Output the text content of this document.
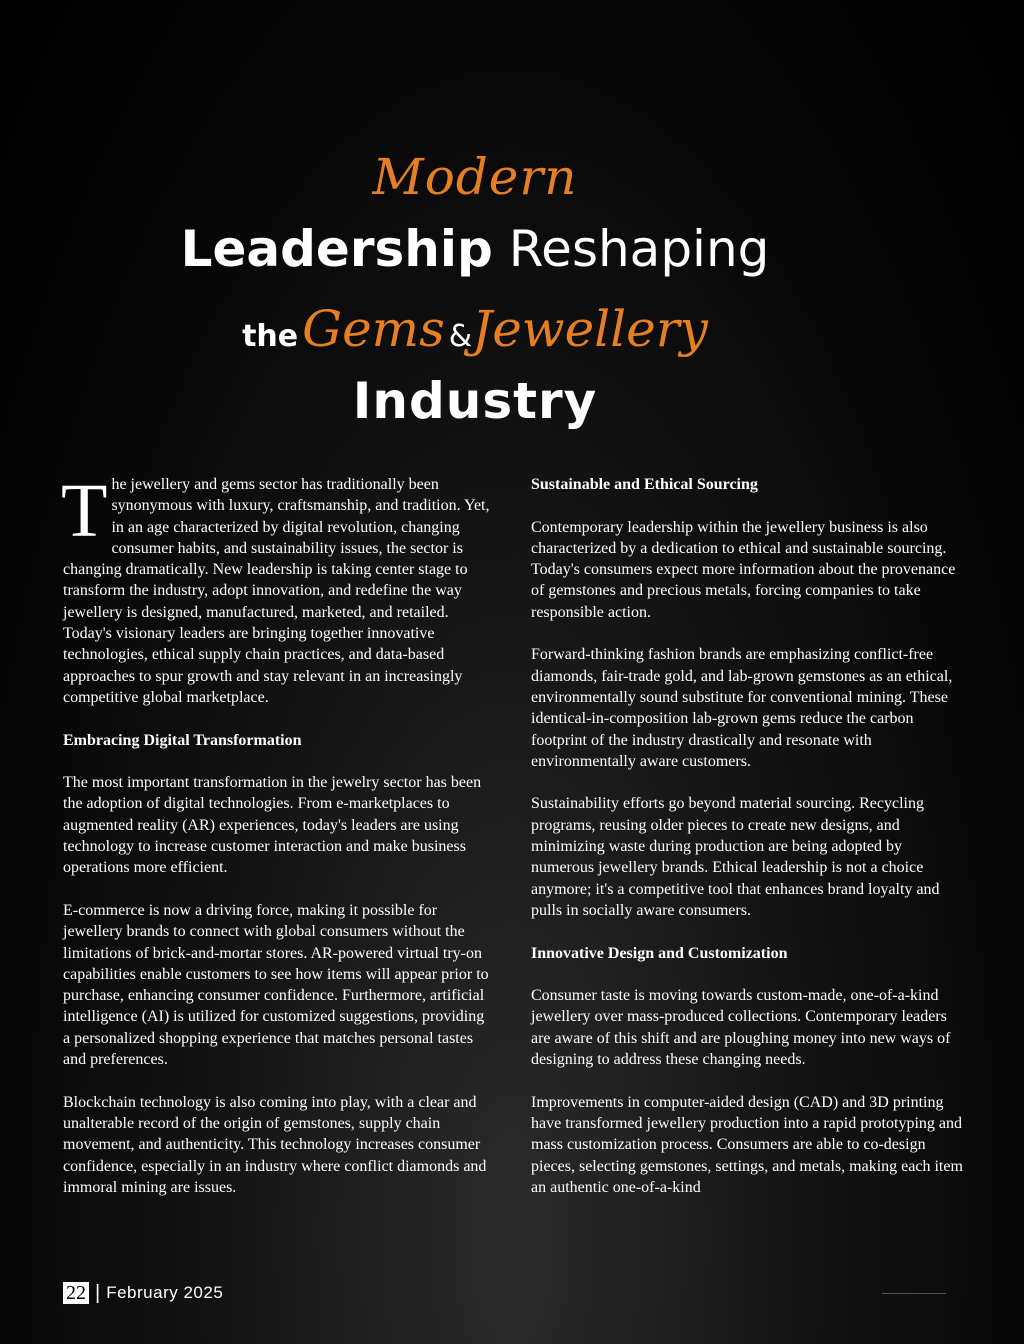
Modern
Leadership Reshaping
the Gems &Jewellery
Industry

The jewellery and gems sector has traditionally been synonymous with luxury, craftsmanship, and tradition. Yet, in an age characterized by digital revolution, changing consumer habits, and sustainability issues, the sector is changing dramatically. New leadership is taking center stage to transform the industry, adopt innovation, and redefine the way jewellery is designed, manufactured, marketed, and retailed. Today's visionary leaders are bringing together innovative technologies, ethical supply chain practices, and data-based approaches to spur growth and stay relevant in an increasingly competitive global marketplace.

Embracing Digital Transformation

The most important transformation in the jewelry sector has been the adoption of digital technologies. From e-marketplaces to augmented reality (AR) experiences, today's leaders are using technology to increase customer interaction and make business operations more efficient.

E-commerce is now a driving force, making it possible for jewellery brands to connect with global consumers without the limitations of brick-and-mortar stores. AR-powered virtual try-on capabilities enable customers to see how items will appear prior to purchase, enhancing consumer confidence. Furthermore, artificial intelligence (AI) is utilized for customized suggestions, providing a personalized shopping experience that matches personal tastes and preferences.

Blockchain technology is also coming into play, with a clear and unalterable record of the origin of gemstones, supply chain movement, and authenticity. This technology increases consumer confidence, especially in an industry where conflict diamonds and immoral mining are issues.

Sustainable and Ethical Sourcing

Contemporary leadership within the jewellery business is also characterized by a dedication to ethical and sustainable sourcing. Today's consumers expect more information about the provenance of gemstones and precious metals, forcing companies to take responsible action.

Forward-thinking fashion brands are emphasizing conflict-free diamonds, fair-trade gold, and lab-grown gemstones as an ethical, environmentally sound substitute for conventional mining. These identical-in-composition lab-grown gems reduce the carbon footprint of the industry drastically and resonate with environmentally aware customers.

Sustainability efforts go beyond material sourcing. Recycling programs, reusing older pieces to create new designs, and minimizing waste during production are being adopted by numerous jewellery brands. Ethical leadership is not a choice anymore; it's a competitive tool that enhances brand loyalty and pulls in socially aware consumers.

Innovative Design and Customization

Consumer taste is moving towards custom-made, one-of-a-kind jewellery over mass-produced collections. Contemporary leaders are aware of this shift and are ploughing money into new ways of designing to address these changing needs.

Improvements in computer-aided design (CAD) and 3D printing have transformed jewellery production into a rapid prototyping and mass customization process. Consumers are able to co-design pieces, selecting gemstones, settings, and metals, making each item an authentic one-of-a-kind

22 | February 2025
